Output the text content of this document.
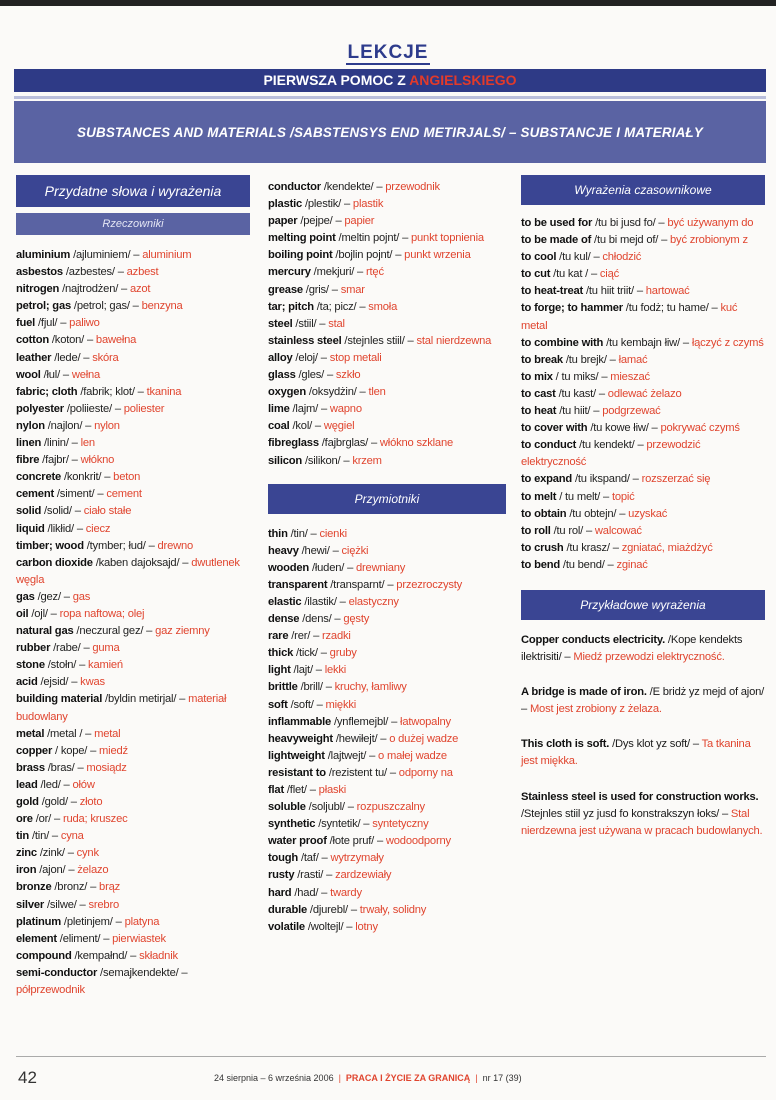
LEKCJE
PIERWSZA POMOC Z ANGIELSKIEGO
SUBSTANCES AND MATERIALS /SABSTENSYS END METIRJALS/ – SUBSTANCJE I MATERIAŁY
Przydatne słowa i wyrażenia
Rzeczowniki
aluminium /ajluminiem/ – aluminium
asbestos /azbestes/ – azbest
nitrogen /najtrodżen/ – azot
petrol; gas /petrol; gas/ – benzyna
fuel /fjul/ – paliwo
cotton /koton/ – bawełna
leather /lede/ – skóra
wool /łul/ – wełna
fabric; cloth /fabrik; klot/ – tkanina
polyester /poliieste/ – poliester
nylon /najlon/ – nylon
linen /linin/ – len
fibre /fajbr/ – włókno
concrete /konkrit/ – beton
cement /siment/ – cement
solid /solid/ – ciało stałe
liquid /likłid/ – ciecz
timber; wood /tymber; łud/ – drewno
carbon dioxide /kaben dajoksajd/ – dwutlenek węgla
gas /gez/ – gas
oil /ojl/ – ropa naftowa; olej
natural gas /neczural gez/ – gaz ziemny
rubber /rabe/ – guma
stone /stołn/ – kamień
acid /ejsid/ – kwas
building material /byldin metirjal/ – materiał budowlany
metal /metal / – metal
copper / kope/ – miedź
brass /bras/ – mosiądz
lead /led/ – ołów
gold /gold/ – złoto
ore /or/ – ruda; kruszec
tin /tin/ – cyna
zinc /zink/ – cynk
iron /ajon/ – żelazo
bronze /bronz/ – brąz
silver /silwe/ – srebro
platinum /pletinjem/ – platyna
element /eliment/ – pierwiastek
compound /kempałnd/ – składnik
semi-conductor /semajkendekte/ – półprzewodnik
conductor /kendekte/ – przewodnik
plastic /plestik/ – plastik
paper /pejpe/ – papier
melting point /meltin pojnt/ – punkt topnienia
boiling point /bojlin pojnt/ – punkt wrzenia
mercury /mekjuri/ – rtęć
grease /gris/ – smar
tar; pitch /ta; picz/ – smoła
steel /stiil/ – stal
stainless steel /stejnles stiil/ – stal nierdzewna
alloy /eloj/ – stop metali
glass /gles/ – szkło
oxygen /oksydżin/ – tlen
lime /lajm/ – wapno
coal /kol/ – węgiel
fibreglass /fajbrglas/ – włókno szklane
silicon /silikon/ – krzem
Przymiotniki
thin /tin/ – cienki
heavy /hewi/ – ciężki
wooden /łuden/ – drewniany
transparent /transparnt/ – przezroczysty
elastic /ilastik/ – elastyczny
dense /dens/ – gęsty
rare /rer/ – rzadki
thick /tick/ – gruby
light /lajt/ – lekki
brittle /brill/ – kruchy, łamliwy
soft /soft/ – miękki
inflammable /ynflemejbl/ – łatwopalny
heavyweight /hewiłejt/ – o dużej wadze
lightweight /lajtwejt/ – o małej wadze
resistant to /rezistent tu/ – odporny na
flat /flet/ – płaski
soluble /soljubl/ – rozpuszczalny
synthetic /syntetik/ – syntetyczny
water proof /łote pruf/ – wodoodporny
tough /taf/ – wytrzymały
rusty /rasti/ – zardzewiały
hard /had/ – twardy
durable /djurebl/ – trwały, solidny
volatile /woltejl/ – lotny
Wyrażenia czasownikowe
to be used for /tu bi jusd fo/ – być używanym do
to be made of /tu bi mejd of/ – być zrobionym z
to cool /tu kul/ – chłodzić
to cut /tu kat / – ciąć
to heat-treat /tu hiit triit/ – hartować
to forge; to hammer /tu fodż; tu hame/ – kuć metal
to combine with /tu kembajn łiw/ – łączyć z czymś
to break /tu brejk/ – łamać
to mix / tu miks/ – mieszać
to cast /tu kast/ – odlewać żelazo
to heat /tu hiit/ – podgrzewać
to cover with /tu kowe łiw/ – pokrywać czymś
to conduct /tu kendekt/ – przewodzić elektryczność
to expand /tu ikspand/ – rozszerzać się
to melt / tu melt/ – topić
to obtain /tu obtejn/ – uzyskać
to roll /tu rol/ – walcować
to crush /tu krasz/ – zgniatać, miażdżyć
to bend /tu bend/ – zginać
Przykładowe wyrażenia
Copper conducts electricity. /Kope kendekts ilektrisiti/ – Miedź przewodzi elektryczność.
A bridge is made of iron. /E bridż yz mejd of ajon/ – Most jest zrobiony z żelaza.
This cloth is soft. /Dys klot yz soft/ – Ta tkanina jest miękka.
Stainless steel is used for construction works. /Stejnles stiil yz jusd fo konstrakszyn łoks/ – Stal nierdzewna jest używana w pracach budowlanych.
42	24 sierpnia – 6 września 2006 | PRACA I ŻYCIE ZA GRANICĄ | nr 17 (39)
